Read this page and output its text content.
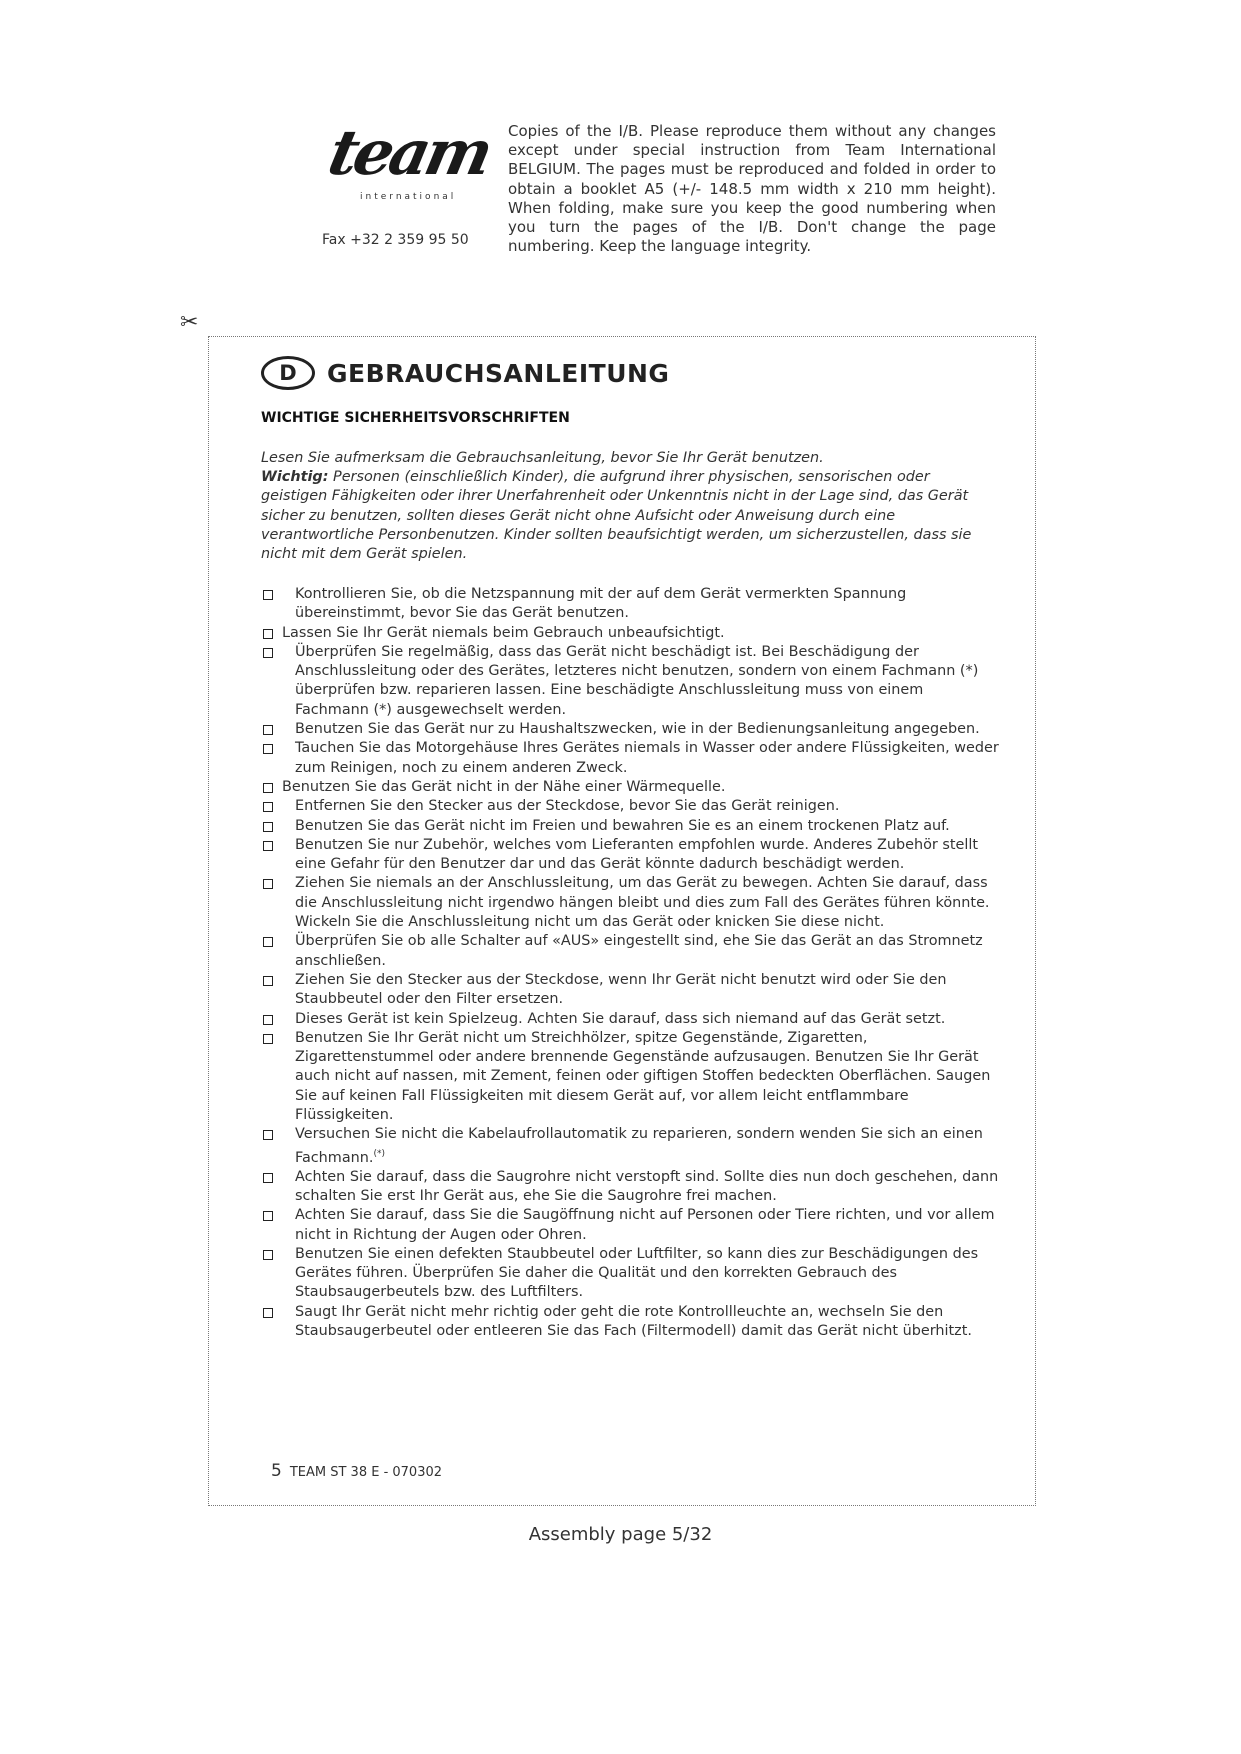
team
international
Fax +32 2 359 95 50
Copies of the I/B. Please reproduce them without any changes except under special instruction from Team International BELGIUM. The pages must be reproduced and folded in order to obtain a booklet A5 (+/- 148.5 mm width x 210 mm height). When folding, make sure you keep the good numbering when you turn the pages of the I/B. Don't change the page numbering. Keep the language integrity.
✂
D	GEBRAUCHSANLEITUNG
WICHTIGE SICHERHEITSVORSCHRIFTEN
Lesen Sie aufmerksam die Gebrauchsanleitung, bevor Sie Ihr Gerät benutzen.
Wichtig: Personen (einschließlich Kinder), die aufgrund ihrer physischen, sensorischen oder geistigen Fähigkeiten oder ihrer Unerfahrenheit oder Unkenntnis nicht in der Lage sind, das Gerät sicher zu benutzen, sollten dieses Gerät nicht ohne Aufsicht oder Anweisung durch eine verantwortliche Personbenutzen. Kinder sollten beaufsichtigt werden, um sicherzustellen, dass sie nicht mit dem Gerät spielen.
Kontrollieren Sie, ob die Netzspannung mit der auf dem Gerät vermerkten Spannung übereinstimmt, bevor Sie das Gerät benutzen.
Lassen Sie Ihr Gerät niemals beim Gebrauch unbeaufsichtigt.
Überprüfen Sie regelmäßig, dass das Gerät nicht beschädigt ist. Bei Beschädigung der Anschlussleitung oder des Gerätes, letzteres nicht benutzen, sondern von einem Fachmann (*) überprüfen bzw. reparieren lassen. Eine beschädigte Anschlussleitung muss von einem Fachmann (*) ausgewechselt werden.
Benutzen Sie das Gerät nur zu Haushaltszwecken, wie in der Bedienungsanleitung angegeben.
Tauchen Sie das Motorgehäuse Ihres Gerätes niemals in Wasser oder andere Flüssigkeiten, weder zum Reinigen, noch zu einem anderen Zweck.
Benutzen Sie das Gerät nicht in der Nähe einer Wärmequelle.
Entfernen Sie den Stecker aus der Steckdose, bevor Sie das Gerät reinigen.
Benutzen Sie das Gerät nicht im Freien und bewahren Sie es an einem trockenen Platz auf.
Benutzen Sie nur Zubehör, welches vom Lieferanten empfohlen wurde. Anderes Zubehör stellt eine Gefahr für den Benutzer dar und das Gerät könnte dadurch beschädigt werden.
Ziehen Sie niemals an der Anschlussleitung, um das Gerät zu bewegen. Achten Sie darauf, dass die Anschlussleitung nicht irgendwo hängen bleibt und dies zum Fall des Gerätes führen könnte. Wickeln Sie die Anschlussleitung nicht um das Gerät oder knicken Sie diese nicht.
Überprüfen Sie ob alle Schalter auf «AUS» eingestellt sind, ehe Sie das Gerät an das Stromnetz anschließen.
Ziehen Sie den Stecker aus der Steckdose, wenn Ihr Gerät nicht benutzt wird oder Sie den Staubbeutel oder den Filter ersetzen.
Dieses Gerät ist kein Spielzeug. Achten Sie darauf, dass sich niemand auf das Gerät setzt.
Benutzen Sie Ihr Gerät nicht um Streichhölzer, spitze Gegenstände, Zigaretten, Zigarettenstummel oder andere brennende Gegenstände aufzusaugen. Benutzen Sie Ihr Gerät auch nicht auf nassen, mit Zement, feinen oder giftigen Stoffen bedeckten Oberflächen. Saugen Sie auf keinen Fall Flüssigkeiten mit diesem Gerät auf, vor allem leicht entflammbare Flüssigkeiten.
Versuchen Sie nicht die Kabelaufrollautomatik zu reparieren, sondern wenden Sie sich an einen Fachmann.(*)
Achten Sie darauf, dass die Saugrohre nicht verstopft sind. Sollte dies nun doch geschehen, dann schalten Sie erst Ihr Gerät aus, ehe Sie die Saugrohre frei machen.
Achten Sie darauf, dass Sie die Saugöffnung nicht auf Personen oder Tiere richten, und vor allem nicht in Richtung der Augen oder Ohren.
Benutzen Sie einen defekten Staubbeutel oder Luftfilter, so kann dies zur Beschädigungen des Gerätes führen. Überprüfen Sie daher die Qualität und den korrekten Gebrauch des Staubsaugerbeutels bzw. des Luftfilters.
Saugt Ihr Gerät nicht mehr richtig oder geht die rote Kontrollleuchte an, wechseln Sie den Staubsaugerbeutel oder entleeren Sie das Fach (Filtermodell) damit das Gerät nicht überhitzt.
5 TEAM ST 38 E - 070302
Assembly page 5/32
